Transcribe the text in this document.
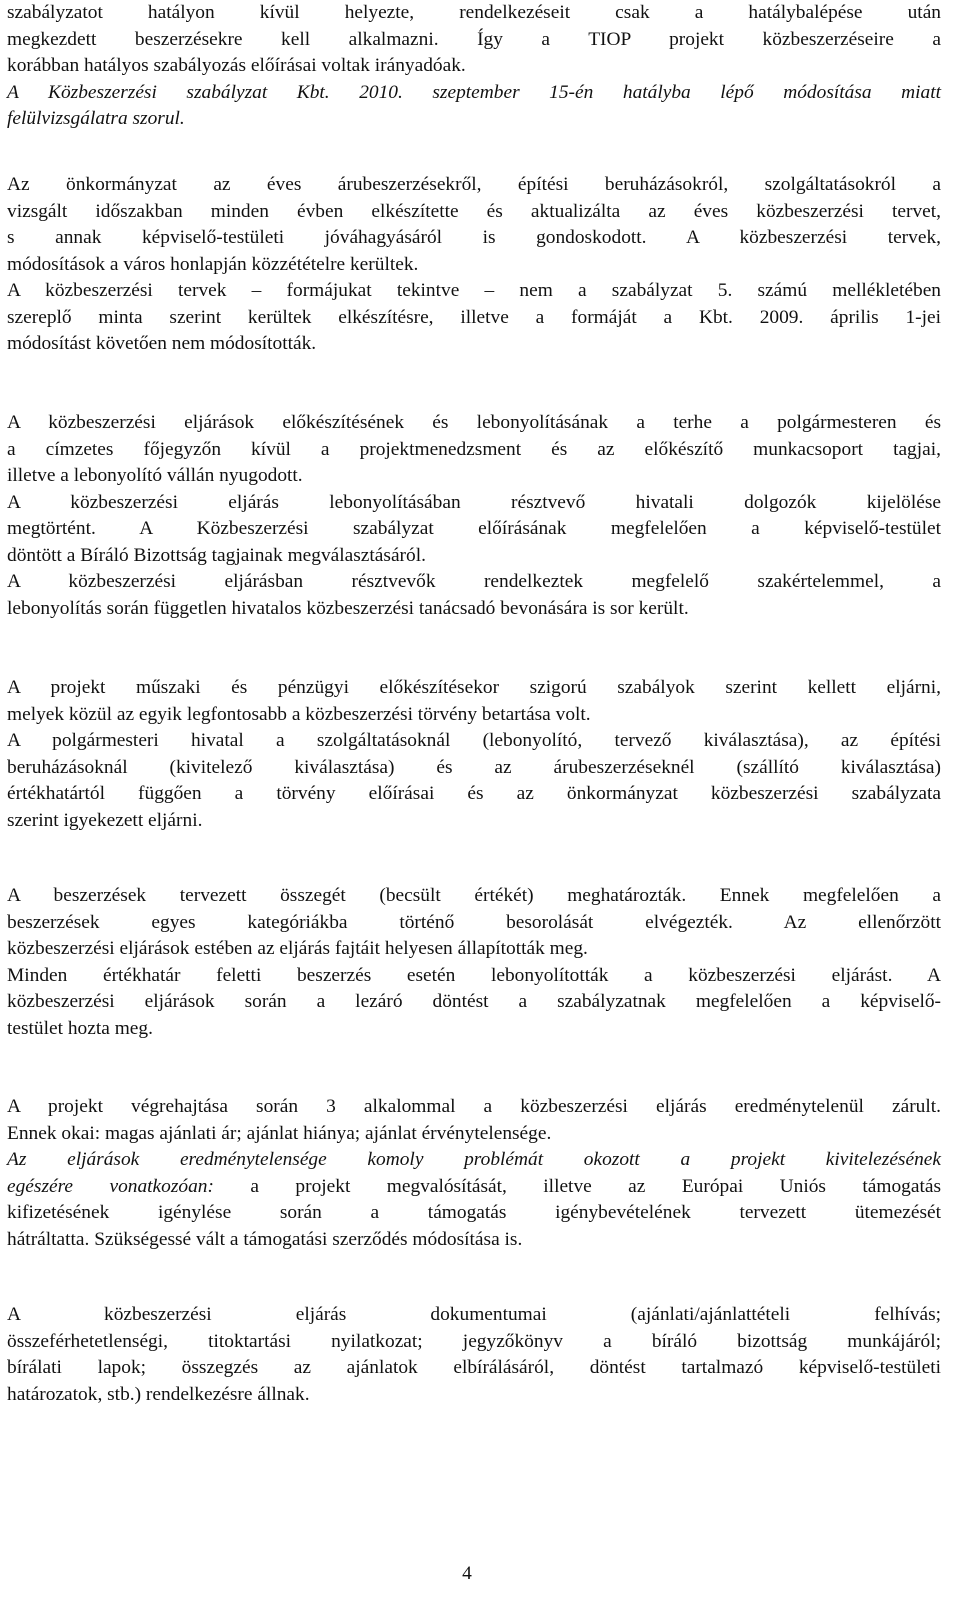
szabályzatot hatályon kívül helyezte, rendelkezéseit csak a hatálybalépése után
megkezdett beszerzésekre kell alkalmazni. Így a TIOP projekt közbeszerzéseire a
korábban hatályos szabályozás előírásai voltak irányadóak.
A Közbeszerzési szabályzat Kbt. 2010. szeptember 15-én hatályba lépő módosítása miatt
felülvizsgálatra szorul.
Az önkormányzat az éves árubeszerzésekről, építési beruházásokról, szolgáltatásokról a
vizsgált időszakban minden évben elkészítette és aktualizálta az éves közbeszerzési tervet,
s annak képviselő-testületi jóváhagyásáról is gondoskodott. A közbeszerzési tervek,
módosítások a város honlapján közzétételre kerültek.
A közbeszerzési tervek – formájukat tekintve – nem a szabályzat 5. számú mellékletében
szereplő minta szerint kerültek elkészítésre, illetve a formáját a Kbt. 2009. április 1-jei
módosítást követően nem módosították.
A közbeszerzési eljárások előkészítésének és lebonyolításának a terhe a polgármesteren és
a címzetes főjegyzőn kívül a projektmenedzsment és az előkészítő munkacsoport tagjai,
illetve a lebonyolító vállán nyugodott.
A közbeszerzési eljárás lebonyolításában résztvevő hivatali dolgozók kijelölése
megtörtént. A Közbeszerzési szabályzat előírásának megfelelően a képviselő-testület
döntött a Bíráló Bizottság tagjainak megválasztásáról.
A közbeszerzési eljárásban résztvevők rendelkeztek megfelelő szakértelemmel, a
lebonyolítás során független hivatalos közbeszerzési tanácsadó bevonására is sor került.
A projekt műszaki és pénzügyi előkészítésekor szigorú szabályok szerint kellett eljárni,
melyek közül az egyik legfontosabb a közbeszerzési törvény betartása volt.
A polgármesteri hivatal a szolgáltatásoknál (lebonyolító, tervező kiválasztása), az építési
beruházásoknál (kivitelező kiválasztása) és az árubeszerzéseknél (szállító kiválasztása)
értékhatártól függően a törvény előírásai és az önkormányzat közbeszerzési szabályzata
szerint igyekezett eljárni.
A beszerzések tervezett összegét (becsült értékét) meghatározták. Ennek megfelelően a
beszerzések egyes kategóriákba történő besorolását elvégezték. Az ellenőrzött
közbeszerzési eljárások estében az eljárás fajtáit helyesen állapították meg.
Minden értékhatár feletti beszerzés esetén lebonyolították a közbeszerzési eljárást. A
közbeszerzési eljárások során a lezáró döntést a szabályzatnak megfelelően a képviselő-
testület hozta meg.
A projekt végrehajtása során 3 alkalommal a közbeszerzési eljárás eredménytelenül zárult.
Ennek okai: magas ajánlati ár; ajánlat hiánya; ajánlat érvénytelensége.
Az eljárások eredménytelensége komoly problémát okozott a projekt kivitelezésének
egészére vonatkozóan: a projekt megvalósítását, illetve az Európai Uniós támogatás
kifizetésének igénylése során a támogatás igénybevételének tervezett ütemezését
hátráltatta. Szükségessé vált a támogatási szerződés módosítása is.
A közbeszerzési eljárás dokumentumai (ajánlati/ajánlattételi felhívás;
összeférhetetlenségi, titoktartási nyilatkozat; jegyzőkönyv a bíráló bizottság munkájáról;
bírálati lapok; összegzés az ajánlatok elbírálásáról, döntést tartalmazó képviselő-testületi
határozatok, stb.) rendelkezésre állnak.
4
